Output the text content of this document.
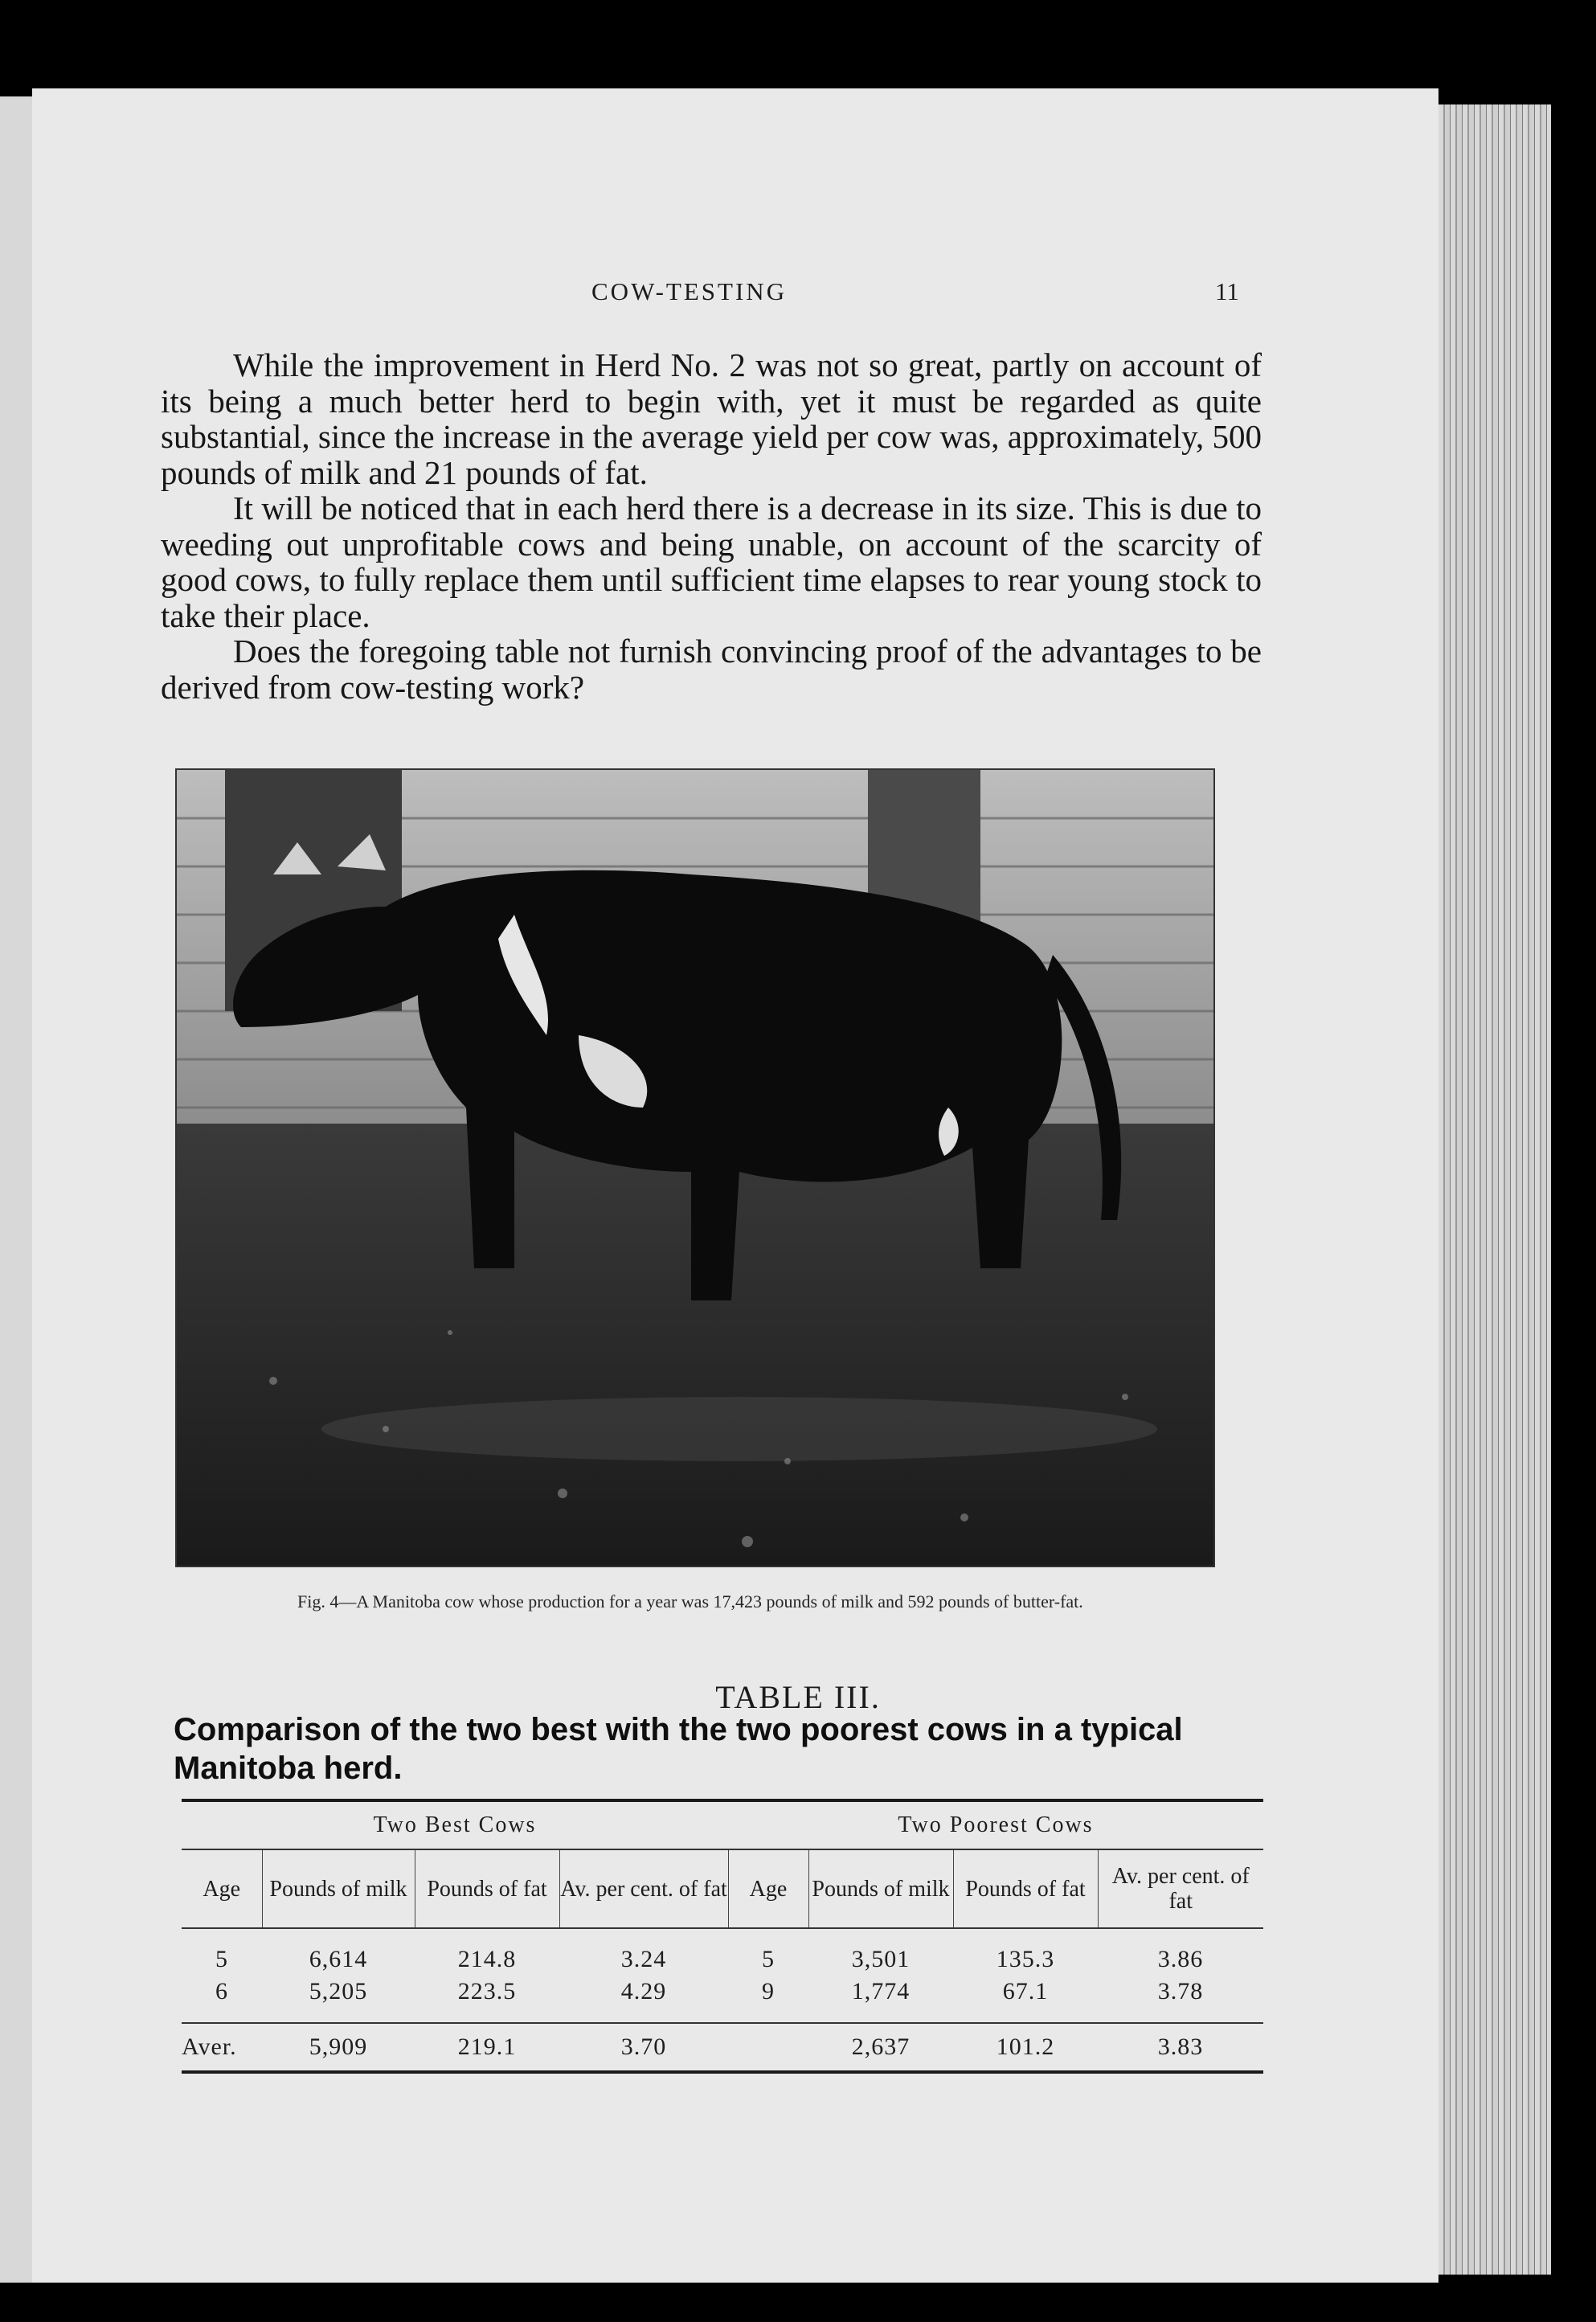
COW-TESTING	11

While the improvement in Herd No. 2 was not so great, partly on account of its being a much better herd to begin with, yet it must be regarded as quite substantial, since the increase in the average yield per cow was, approximately, 500 pounds of milk and 21 pounds of fat.

It will be noticed that in each herd there is a decrease in its size. This is due to weeding out unprofitable cows and being unable, on account of the scarcity of good cows, to fully replace them until sufficient time elapses to rear young stock to take their place.

Does the foregoing table not furnish convincing proof of the advantages to be derived from cow-testing work?

Fig. 4—A Manitoba cow whose production for a year was 17,423 pounds of milk and 592 pounds of butter-fat.
TABLE III.
Comparison of the two best with the two poorest cows in a typical Manitoba herd.
Two Best Cows				Two Poorest Cows			
Age	Pounds of milk	Pounds of fat	Av. per cent. of fat	Age	Pounds of milk	Pounds of fat	Av. per cent. of fat
5	6,614	214.8	3.24	5	3,501	135.3	3.86
6	5,205	223.5	4.29	9	1,774	67.1	3.78
Aver.	5,909	219.1	3.70		2,637	101.2	3.83
